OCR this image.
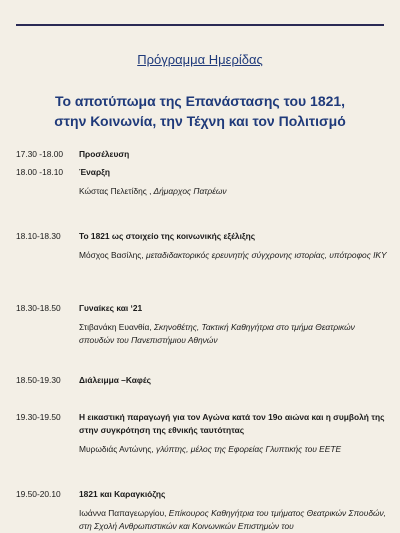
Πρόγραμμα Ημερίδας
Το αποτύπωμα της Επανάστασης του 1821,
στην Κοινωνία, την Τέχνη και τον Πολιτισμό
17.30 -18.00	Προσέλευση
18.00 -18.10	Έναρξη
Κώστας Πελετίδης , Δήμαρχος Πατρέων
18.10-18.30	Το 1821 ως στοιχείο της κοινωνικής εξέλιξης
Μόσχος Βασίλης, μεταδιδακτορικός ερευνητής σύγχρονης ιστορίας, υπότροφος ΙΚΥ
18.30-18.50	Γυναίκες και ‘21
Στιβανάκη Ευανθία, Σκηνοθέτης, Τακτική Καθηγήτρια στο τμήμα Θεατρικών σπουδών του Πανεπιστήμιου Αθηνών
18.50-19.30	Διάλειμμα –Καφές
19.30-19.50	Η εικαστική παραγωγή για τον Αγώνα κατά τον 19ο αιώνα και η συμβολή της στην συγκρότηση της εθνικής ταυτότητας
Μυρωδιάς Αντώνης, γλύπτης, μέλος της Εφορείας Γλυπτικής του ΕΕΤΕ
19.50-20.10	1821 και Καραγκιόζης
Ιωάννα Παπαγεωργίου, Επίκουρος Καθηγήτρια του τμήματος Θεατρικών Σπουδών, στη Σχολή Ανθρωπιστικών και Κοινωνικών Επιστημών του
